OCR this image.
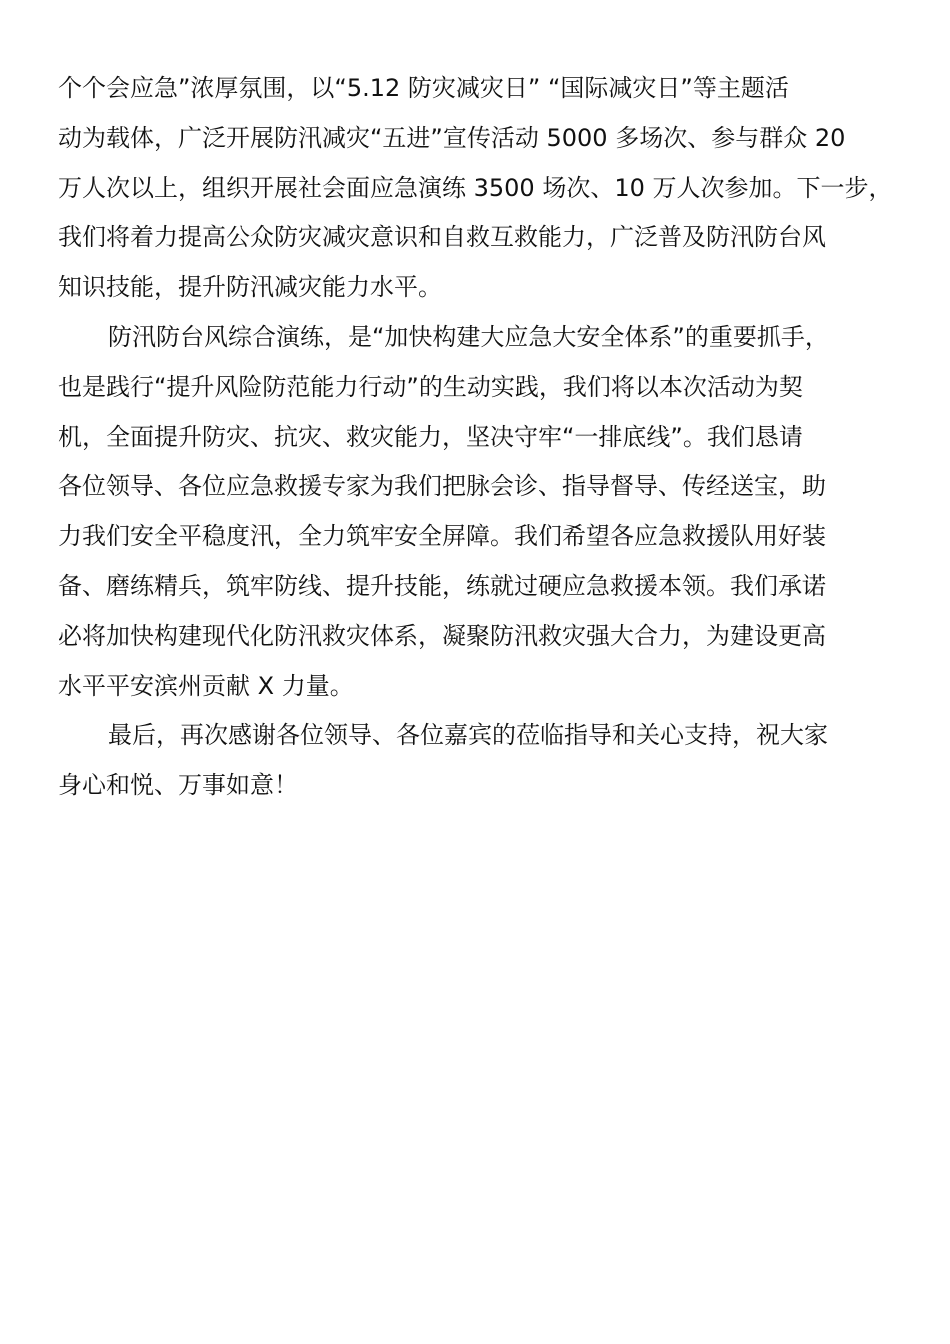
个个会应急”浓厚氛围，以“5.12 防灾减灾日” “国际减灾日”等主题活
动为载体，广泛开展防汛减灾“五进”宣传活动 5000 多场次、参与群众 20
万人次以上，组织开展社会面应急演练 3500 场次、10 万人次参加。下一步，
我们将着力提高公众防灾减灾意识和自救互救能力，广泛普及防汛防台风
知识技能，提升防汛减灾能力水平。
防汛防台风综合演练，是“加快构建大应急大安全体系”的重要抓手，
也是践行“提升风险防范能力行动”的生动实践，我们将以本次活动为契
机，全面提升防灾、抗灾、救灾能力，坚决守牢“一排底线”。我们恳请
各位领导、各位应急救援专家为我们把脉会诊、指导督导、传经送宝，助
力我们安全平稳度汛，全力筑牢安全屏障。我们希望各应急救援队用好装
备、磨练精兵，筑牢防线、提升技能，练就过硬应急救援本领。我们承诺
必将加快构建现代化防汛救灾体系，凝聚防汛救灾强大合力，为建设更高
水平平安滨州贡献 X 力量。
最后，再次感谢各位领导、各位嘉宾的莅临指导和关心支持，祝大家
身心和悦、万事如意！
